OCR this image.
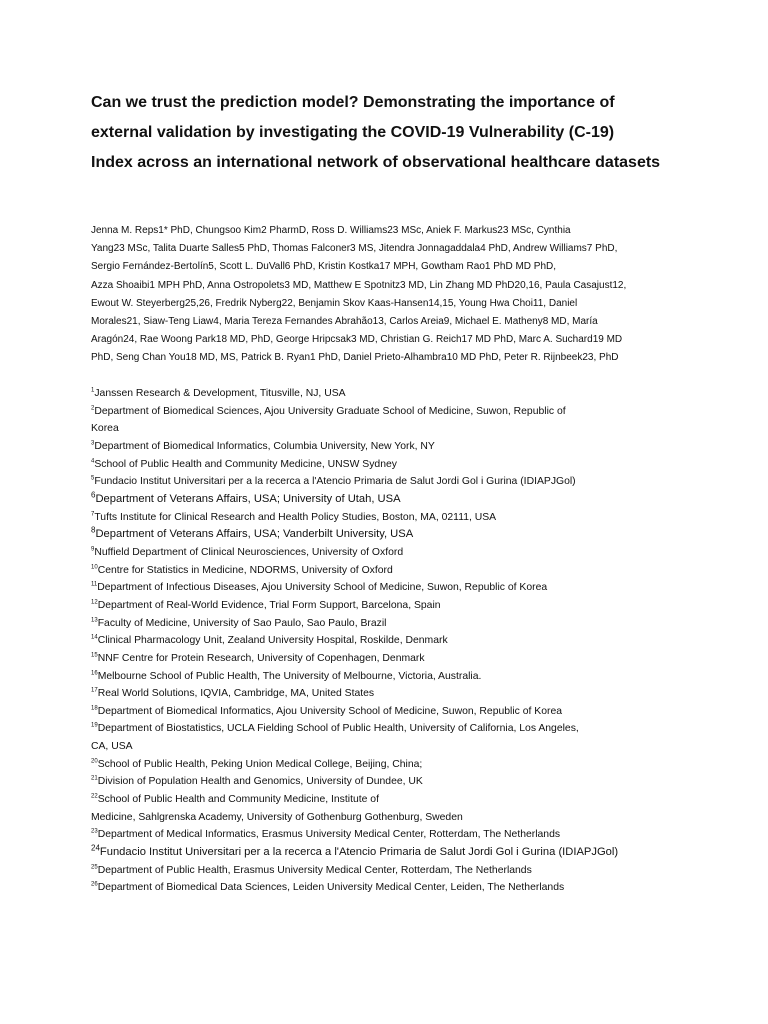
Can we trust the prediction model? Demonstrating the importance of
external validation by investigating the COVID-19 Vulnerability (C-19)
Index across an international network of observational healthcare datasets
Jenna M. Reps1* PhD, Chungsoo Kim2 PharmD, Ross D. Williams23 MSc, Aniek F. Markus23 MSc, Cynthia
Yang23 MSc, Talita Duarte Salles5 PhD, Thomas Falconer3 MS, Jitendra Jonnagaddala4 PhD, Andrew Williams7 PhD,
Sergio Fernández-Bertolín5, Scott L. DuVall6 PhD, Kristin Kostka17 MPH, Gowtham Rao1 PhD MD PhD,
Azza Shoaibi1 MPH PhD, Anna Ostropolets3 MD, Matthew E Spotnitz3 MD, Lin Zhang MD PhD20,16, Paula Casajust12,
Ewout W. Steyerberg25,26, Fredrik Nyberg22, Benjamin Skov Kaas-Hansen14,15, Young Hwa Choi11, Daniel
Morales21, Siaw-Teng Liaw4, Maria Tereza Fernandes Abrahão13, Carlos Areia9, Michael E. Matheny8 MD, María
Aragón24, Rae Woong Park18 MD, PhD, George Hripcsak3 MD, Christian G. Reich17 MD PhD, Marc A. Suchard19 MD
PhD, Seng Chan You18 MD, MS, Patrick B. Ryan1 PhD, Daniel Prieto-Alhambra10 MD PhD, Peter R. Rijnbeek23, PhD
$^1$Janssen Research & Development, Titusville, NJ, USA
$^2$Department of Biomedical Sciences, Ajou University Graduate School of Medicine, Suwon, Republic of
Korea
$^3$Department of Biomedical Informatics, Columbia University, New York, NY
$^4$School of Public Health and Community Medicine, UNSW Sydney
$^5$Fundacio Institut Universitari per a la recerca a l'Atencio Primaria de Salut Jordi Gol i Gurina (IDIAPJGol)
$^6$Department of Veterans Affairs, USA; University of Utah, USA
$^7$Tufts Institute for Clinical Research and Health Policy Studies, Boston, MA, 02111, USA
$^8$Department of Veterans Affairs, USA; Vanderbilt University, USA
$^9$Nuffield Department of Clinical Neurosciences, University of Oxford
$^{10}$Centre for Statistics in Medicine, NDORMS, University of Oxford
$^{11}$Department of Infectious Diseases, Ajou University School of Medicine, Suwon, Republic of Korea
$^{12}$Department of Real-World Evidence, Trial Form Support, Barcelona, Spain
$^{13}$Faculty of Medicine, University of Sao Paulo, Sao Paulo, Brazil
$^{14}$Clinical Pharmacology Unit, Zealand University Hospital, Roskilde, Denmark
$^{15}$NNF Centre for Protein Research, University of Copenhagen, Denmark
$^{16}$Melbourne School of Public Health, The University of Melbourne, Victoria, Australia.
$^{17}$Real World Solutions, IQVIA, Cambridge, MA, United States
$^{18}$Department of Biomedical Informatics, Ajou University School of Medicine, Suwon, Republic of Korea
$^{19}$Department of Biostatistics, UCLA Fielding School of Public Health, University of California, Los Angeles,
CA, USA
$^{20}$School of Public Health, Peking Union Medical College, Beijing, China;
$^{21}$Division of Population Health and Genomics, University of Dundee, UK
$^{22}$School of Public Health and Community Medicine, Institute of
Medicine, Sahlgrenska Academy, University of Gothenburg Gothenburg, Sweden
$^{23}$Department of Medical Informatics, Erasmus University Medical Center, Rotterdam, The Netherlands
$^{24}$Fundacio Institut Universitari per a la recerca a l'Atencio Primaria de Salut Jordi Gol i Gurina (IDIAPJGol)
$^{25}$Department of Public Health, Erasmus University Medical Center, Rotterdam, The Netherlands
$^{26}$Department of Biomedical Data Sciences, Leiden University Medical Center, Leiden, The Netherlands
